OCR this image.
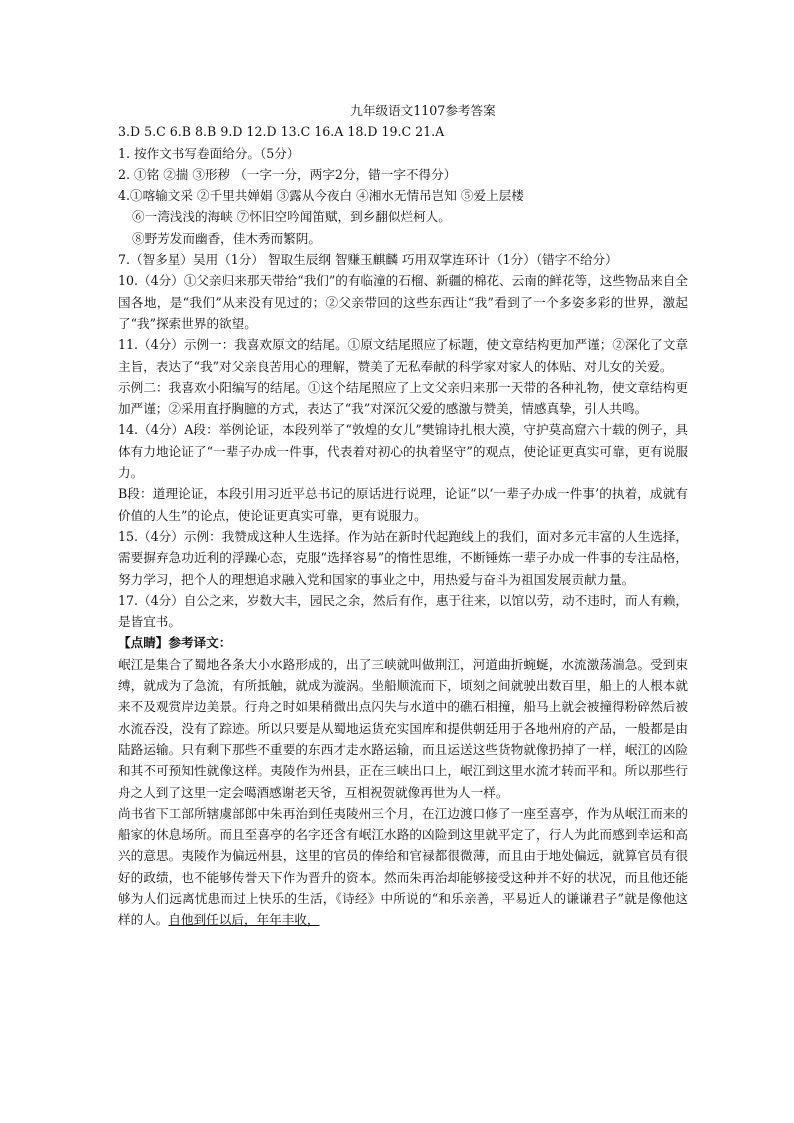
九年级语文1107参考答案

3.D 5.C 6.B 8.B 9.D 12.D 13.C 16.A 18.D 19.C 21.A

1. 按作文书写卷面给分。（5分）

2. ①铭 ②揣 ③形秽 （一字一分，两字2分，错一字不得分）

4.①喀输文采 ②千里共婵娟 ③露从今夜白 ④湘水无情吊岂知 ⑤爱上层楼

⑥一湾浅浅的海峡 ⑦怀旧空吟闻笛赋，到乡翻似烂柯人。

⑧野芳发而幽香，佳木秀而繁阴。

7.（智多星）吴用（1分） 智取生辰纲 智赚玉麒麟 巧用双掌连环计（1分）（错字不给分）

10.（4分）①父亲归来那天带给“我们”的有临潼的石榴、新疆的棉花、云南的鲜花等，这些物品来自全国各地，是“我们”从来没有见过的；②父亲带回的这些东西让“我”看到了一个多姿多彩的世界，激起了“我”探索世界的欲望。

11.（4分）示例一：我喜欢原文的结尾。①原文结尾照应了标题，使文章结构更加严谨；②深化了文章主旨，表达了“我”对父亲良苦用心的理解，赞美了无私奉献的科学家对家人的体贴、对儿女的关爱。

示例二：我喜欢小阳编写的结尾。①这个结尾照应了上文父亲归来那一天带的各种礼物，使文章结构更加严谨；②采用直抒胸臆的方式，表达了“我”对深沉父爱的感激与赞美，情感真挚，引人共鸣。

14.（4分）A段：举例论证，本段列举了“敦煌的女儿”樊锦诗扎根大漠，守护莫高窟六十载的例子，具体有力地论证了“一辈子办成一件事，代表着对初心的执着坚守”的观点，使论证更真实可靠，更有说服力。

B段：道理论证，本段引用习近平总书记的原话进行说理，论证“以‘一辈子办成一件事’的执着，成就有价值的人生”的论点，使论证更真实可靠，更有说服力。

15.（4分）示例：我赞成这种人生选择。作为站在新时代起跑线上的我们，面对多元丰富的人生选择，需要摒弃急功近利的浮躁心态，克服“选择容易”的惰性思维，不断锤炼一辈子办成一件事的专注品格，努力学习，把个人的理想追求融入党和国家的事业之中，用热爱与奋斗为祖国发展贡献力量。

17.（4分）自公之来，岁数大丰，园民之余，然后有作，惠于往来，以馆以劳，动不违时，而人有赖，是皆宜书。

【点睛】参考译文：

岷江是集合了蜀地各条大小水路形成的，出了三峡就叫做荆江，河道曲折蜿蜒，水流激荡湍急。受到束缚，就成为了急流，有所抵触，就成为漩涡。坐船顺流而下，顷刻之间就驶出数百里，船上的人根本就来不及观赏岸边美景。行舟之时如果稍微出点闪失与水道中的礁石相撞，船马上就会被撞得粉碎然后被水流吞没，没有了踪迹。所以只要是从蜀地运货充实国库和提供朝廷用于各地州府的产品，一般都是由陆路运输。只有剩下那些不重要的东西才走水路运输，而且运送这些货物就像扔掉了一样，岷江的凶险和其不可预知性就像这样。夷陵作为州县，正在三峡出口上，岷江到这里水流才转而平和。所以那些行舟之人到了这里一定会噶酒感谢老天爷，互相祝贺就像再世为人一样。

尚书省下工部所辖虞部郎中朱再治到任夷陵州三个月，在江边渡口修了一座至喜亭，作为从岷江而来的船家的休息场所。而且至喜亭的名字还含有岷江水路的凶险到这里就平定了，行人为此而感到幸运和高兴的意思。夷陵作为偏远州县，这里的官员的俸给和官禄都很微薄，而且由于地处偏远，就算官员有很好的政绩，也不能够传誉天下作为晋升的资本。然而朱再治却能够接受这种并不好的状况，而且他还能够为人们远离忧患而过上快乐的生活，《诗经》中所说的“和乐亲善，平易近人的谦谦君子”就是像他这样的人。自他到任以后，年年丰收，
